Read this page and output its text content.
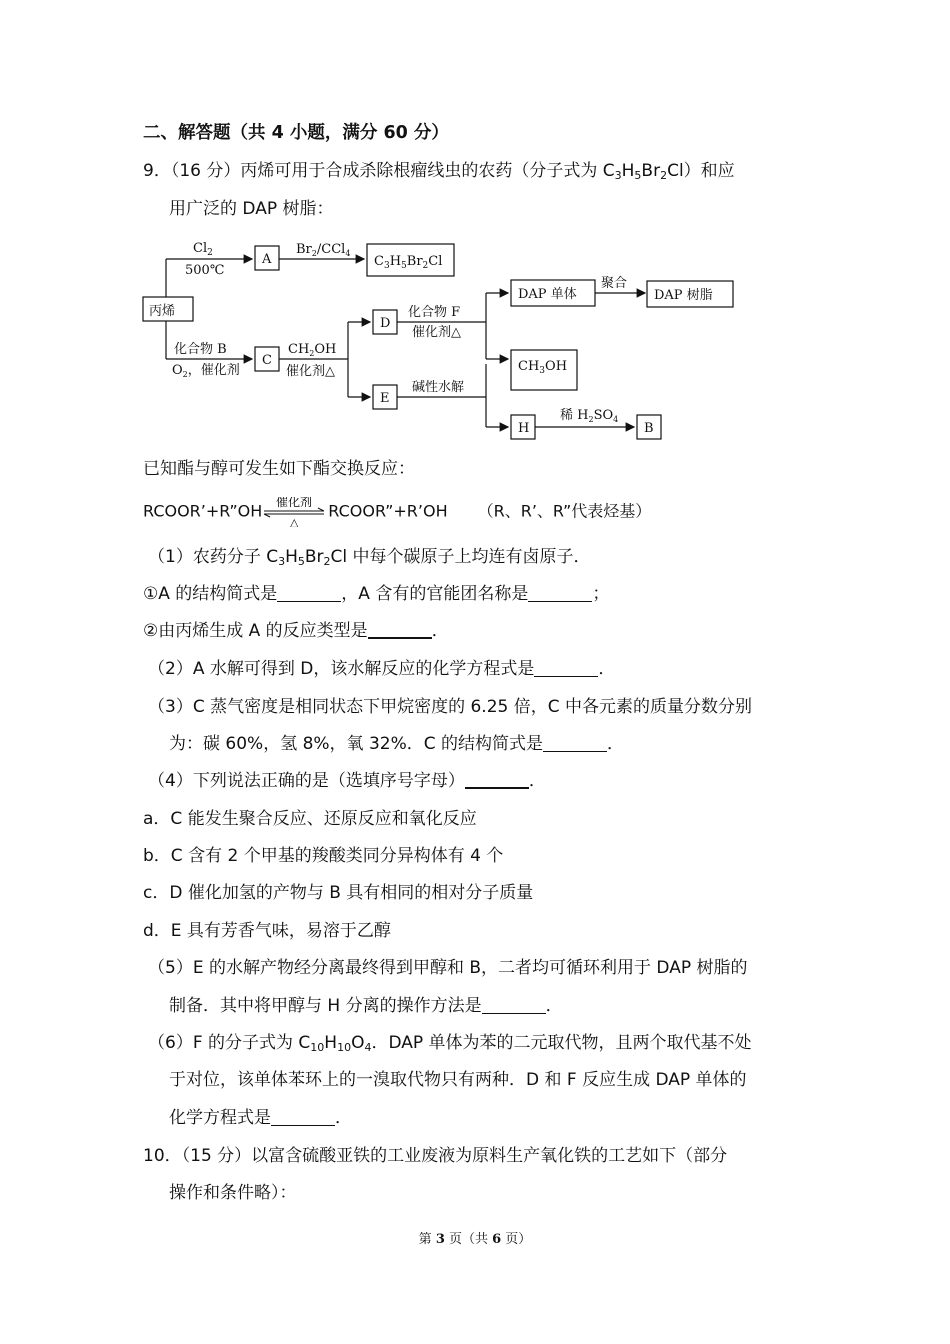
二、解答题（共 4 小题，满分 60 分）
9．（16 分）丙烯可用于合成杀除根瘤线虫的农药（分子式为 $C_3H_5Br_2Cl$）和应
用广泛的 DAP 树脂：
丙烯
$Cl_2$
500℃
A
$Br_2/CCl_4$
$C_3H_5Br_2Cl$
化合物 B
$O_2$，催化剂
C
$CH_2OH$
催化剂△
D
化合物 F
催化剂△
DAP 单体
聚合
$CH_3OH$
E
碱性水解
H
稀 $H_2SO_4$
B
DAP 树脂
已知酯与醇可发生如下酯交换反应：
RCOOR’+R”OH 催化剂
△
RCOOR”+R’OH （R、R’、R”代表烃基）
（1）农药分子 $C_3H_5Br_2Cl$ 中每个碳原子上均连有卤原子．
①A 的结构简式是	，A 含有的官能团名称是	；
②由丙烯生成 A 的反应类型是	．
（2）A 水解可得到 D，该水解反应的化学方程式是	．
（3）C 蒸气密度是相同状态下甲烷密度的 6.25 倍，C 中各元素的质量分数分别
为：碳 60%，氢 8%，氧 32%．C 的结构简式是	．
（4）下列说法正确的是（选填序号字母）	．
a．C 能发生聚合反应、还原反应和氧化反应
b．C 含有 2 个甲基的羧酸类同分异构体有 4 个
c．D 催化加氢的产物与 B 具有相同的相对分子质量
d．E 具有芳香气味，易溶于乙醇
（5）E 的水解产物经分离最终得到甲醇和 B，二者均可循环利用于 DAP 树脂的
制备．其中将甲醇与 H 分离的操作方法是	．
（6）F 的分子式为 $C_{10}H_{10}O_4$．DAP 单体为苯的二元取代物，且两个取代基不处
于对位，该单体苯环上的一溴取代物只有两种．D 和 F 反应生成 DAP 单体的
化学方程式是	．
10．（15 分）以富含硫酸亚铁的工业废液为原料生产氧化铁的工艺如下（部分
操作和条件略）：
第 3 页（共 6 页）
